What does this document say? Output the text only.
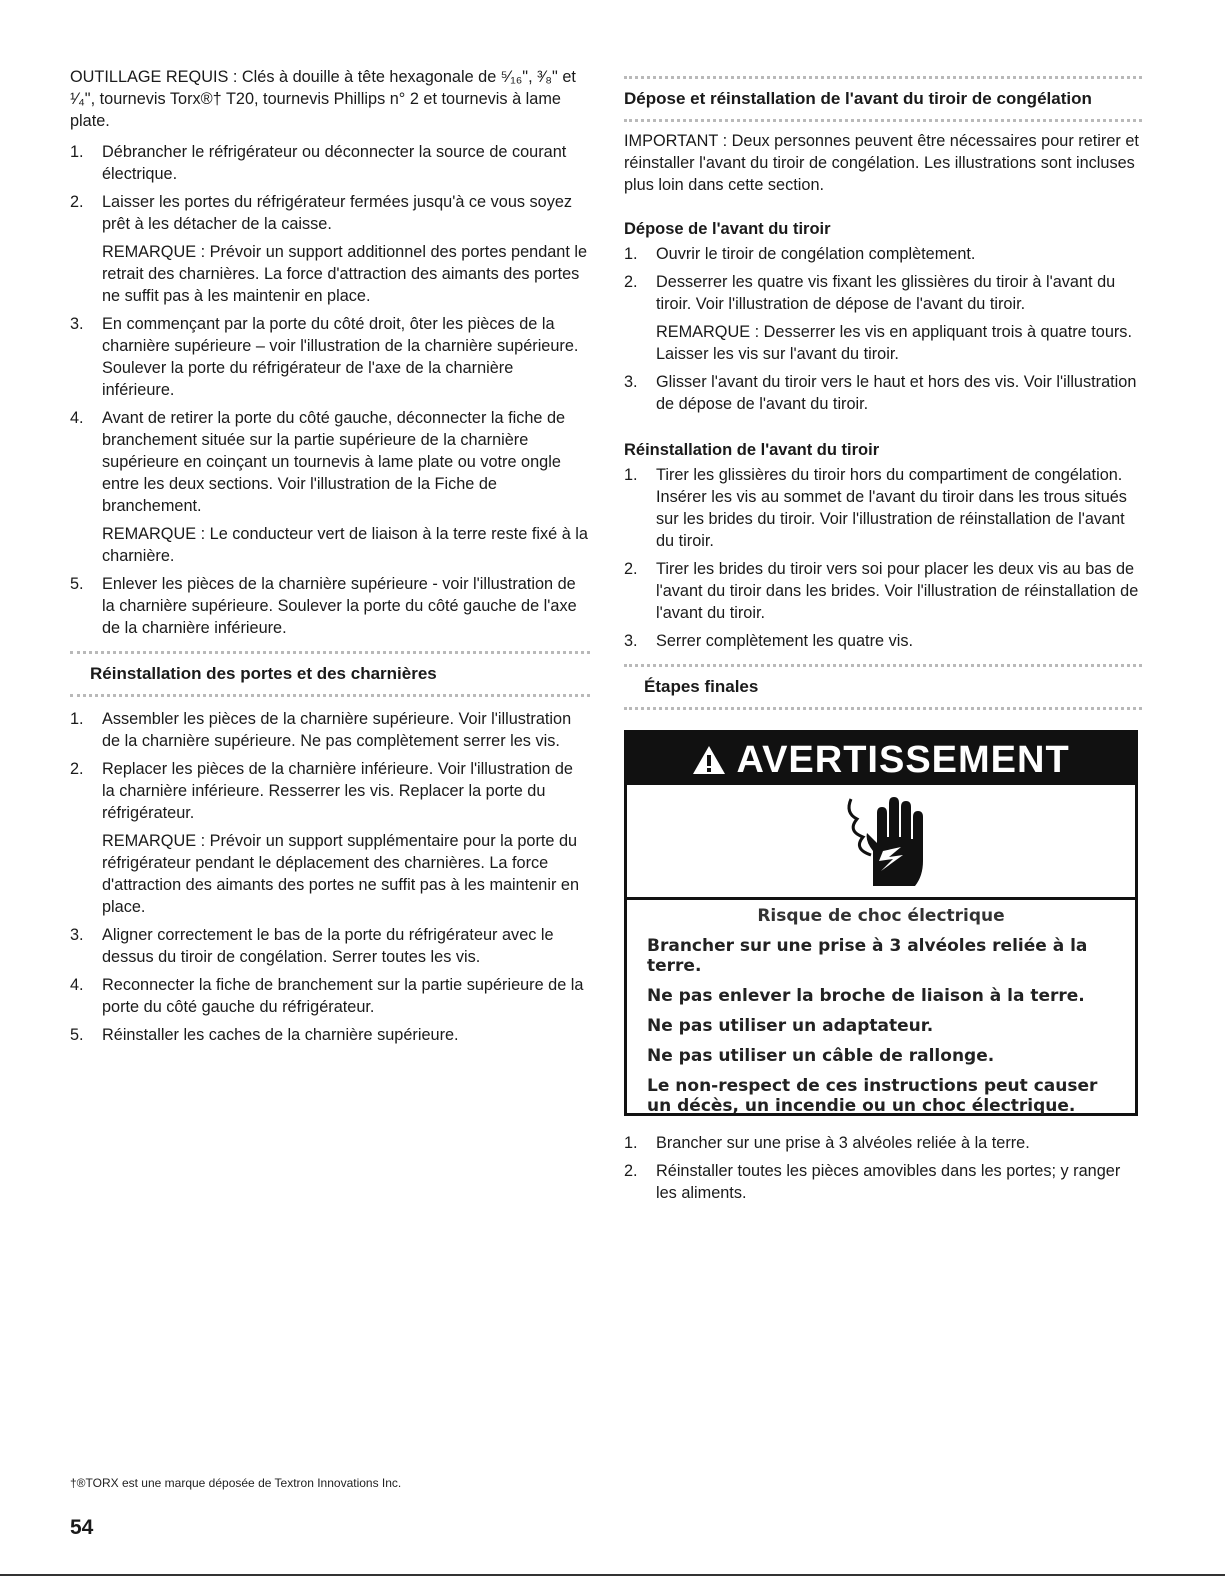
OUTILLAGE REQUIS : Clés à douille à tête hexagonale de ⁵⁄₁₆", ³⁄₈" et ¹⁄₄", tournevis Torx®† T20, tournevis Phillips n° 2 et tournevis à lame plate.

1. Débrancher le réfrigérateur ou déconnecter la source de courant électrique.

2. Laisser les portes du réfrigérateur fermées jusqu'à ce vous soyez prêt à les détacher de la caisse.

REMARQUE : Prévoir un support additionnel des portes pendant le retrait des charnières. La force d'attraction des aimants des portes ne suffit pas à les maintenir en place.

3. En commençant par la porte du côté droit, ôter les pièces de la charnière supérieure – voir l'illustration de la charnière supérieure. Soulever la porte du réfrigérateur de l'axe de la charnière inférieure.

4. Avant de retirer la porte du côté gauche, déconnecter la fiche de branchement située sur la partie supérieure de la charnière supérieure en coinçant un tournevis à lame plate ou votre ongle entre les deux sections. Voir l'illustration de la Fiche de branchement.

REMARQUE : Le conducteur vert de liaison à la terre reste fixé à la charnière.

5. Enlever les pièces de la charnière supérieure - voir l'illustration de la charnière supérieure. Soulever la porte du côté gauche de l'axe de la charnière inférieure.

Réinstallation des portes et des charnières
1. Assembler les pièces de la charnière supérieure. Voir l'illustration de la charnière supérieure. Ne pas complètement serrer les vis.

2. Replacer les pièces de la charnière inférieure. Voir l'illustration de la charnière inférieure. Resserrer les vis. Replacer la porte du réfrigérateur.

REMARQUE : Prévoir un support supplémentaire pour la porte du réfrigérateur pendant le déplacement des charnières. La force d'attraction des aimants des portes ne suffit pas à les maintenir en place.

3. Aligner correctement le bas de la porte du réfrigérateur avec le dessus du tiroir de congélation. Serrer toutes les vis.

4. Reconnecter la fiche de branchement sur la partie supérieure de la porte du côté gauche du réfrigérateur.

5. Réinstaller les caches de la charnière supérieure.

Dépose et réinstallation de l'avant du tiroir de congélation

IMPORTANT : Deux personnes peuvent être nécessaires pour retirer et réinstaller l'avant du tiroir de congélation. Les illustrations sont incluses plus loin dans cette section.

Dépose de l'avant du tiroir
1. Ouvrir le tiroir de congélation complètement.

2. Desserrer les quatre vis fixant les glissières du tiroir à l'avant du tiroir. Voir l'illustration de dépose de l'avant du tiroir.

REMARQUE : Desserrer les vis en appliquant trois à quatre tours. Laisser les vis sur l'avant du tiroir.

3. Glisser l'avant du tiroir vers le haut et hors des vis. Voir l'illustration de dépose de l'avant du tiroir.

Réinstallation de l'avant du tiroir
1. Tirer les glissières du tiroir hors du compartiment de congélation. Insérer les vis au sommet de l'avant du tiroir dans les trous situés sur les brides du tiroir. Voir l'illustration de réinstallation de l'avant du tiroir.

2. Tirer les brides du tiroir vers soi pour placer les deux vis au bas de l'avant du tiroir dans les brides. Voir l'illustration de réinstallation de l'avant du tiroir.

3. Serrer complètement les quatre vis.

Étapes finales
1. Brancher sur une prise à 3 alvéoles reliée à la terre.

2. Réinstaller toutes les pièces amovibles dans les portes; y ranger les aliments.

AVERTISSEMENT
Risque de choc électrique
Brancher sur une prise à 3 alvéoles reliée à la terre.
Ne pas enlever la broche de liaison à la terre.
Ne pas utiliser un adaptateur.
Ne pas utiliser un câble de rallonge.
Le non-respect de ces instructions peut causer
un décès, un incendie ou un choc électrique.
†®TORX est une marque déposée de Textron Innovations Inc.
54
